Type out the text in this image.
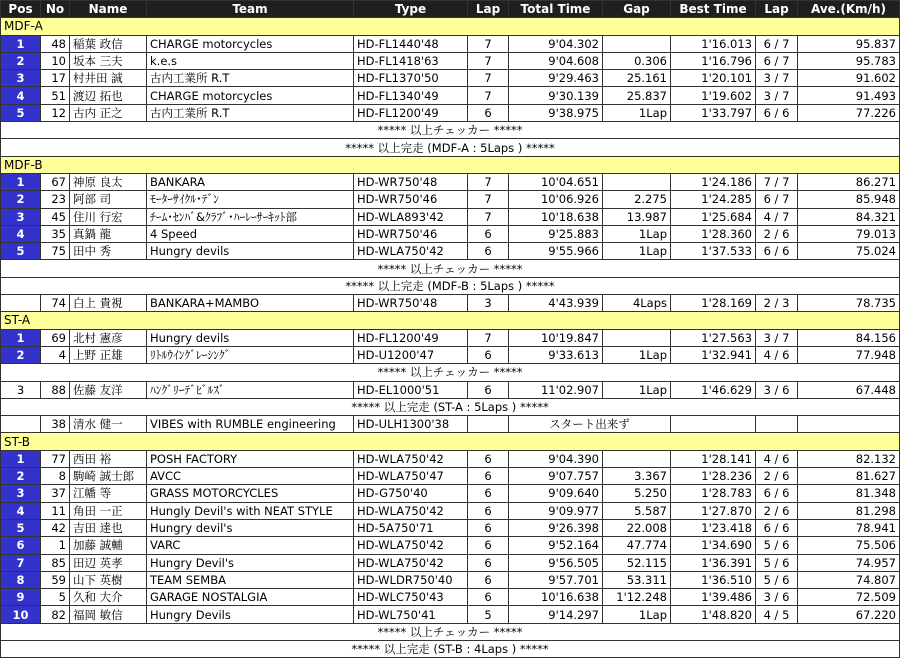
Pos	No	Name	Team	Type	Lap	Total Time	Gap	Best Time	Lap	Ave.(Km/h)
MDF-A										
1	48	稲葉 政信	CHARGE motorcycles	HD-FL1440'48	7	9'04.302		1'16.013	6 / 7	95.837
2	10	坂本 三夫	k.e.s	HD-FL1418'63	7	9'04.608	0.306	1'16.796	6 / 7	95.783
3	17	村井田 誠	古内工業所 R.T	HD-FL1370'50	7	9'29.463	25.161	1'20.101	3 / 7	91.602
4	51	渡辺 拓也	CHARGE motorcycles	HD-FL1340'49	7	9'30.139	25.837	1'19.602	3 / 7	91.493
5	12	古内 正之	古内工業所 R.T	HD-FL1200'49	6	9'38.975	1Lap	1'33.797	6 / 6	77.226
***** 以上チェッカー *****										
***** 以上完走 (MDF-A : 5Laps ) *****										
MDF-B										
1	67	神原 良太	BANKARA	HD-WR750'48	7	10'04.651		1'24.186	7 / 7	86.271
2	23	阿部 司	ﾓｰﾀｰｻｲｸﾙ･ﾃﾞﾝ	HD-WR750'46	7	10'06.926	2.275	1'24.285	6 / 7	85.948
3	45	住川 行宏	ﾁｰﾑ･ｾﾝﾊﾞ&ｸﾗﾌﾞ･ﾊｰﾚｰｻｰｷｯﾄ部	HD-WLA893'42	7	10'18.638	13.987	1'25.684	4 / 7	84.321
4	35	真鍋 龍	4 Speed	HD-WR750'46	6	9'25.883	1Lap	1'28.360	2 / 6	79.013
5	75	田中 秀	Hungry devils	HD-WLA750'42	6	9'55.966	1Lap	1'37.533	6 / 6	75.024
***** 以上チェッカー *****										
***** 以上完走 (MDF-B : 5Laps ) *****										
	74	白上 貴視	BANKARA+MAMBO	HD-WR750'48	3	4'43.939	4Laps	1'28.169	2 / 3	78.735
ST-A										
1	69	北村 憲彦	Hungry devils	HD-FL1200'49	7	10'19.847		1'27.563	3 / 7	84.156
2	4	上野 正雄	ﾘﾄﾙｳｲﾝｸﾞﾚｰｼﾝｸﾞ	HD-U1200'47	6	9'33.613	1Lap	1'32.941	4 / 6	77.948
***** 以上チェッカー *****										
3	88	佐藤 友洋	ﾊﾝｸﾞﾘｰﾃﾞﾋﾞﾙｽﾞ	HD-EL1000'51	6	11'02.907	1Lap	1'46.629	3 / 6	67.448
***** 以上完走 (ST-A : 5Laps ) *****										
	38	清水 健一	VIBES with RUMBLE engineering	HD-ULH1300'38		スタート出来ず				
ST-B										
1	77	西田 裕	POSH FACTORY	HD-WLA750'42	6	9'04.390		1'28.141	4 / 6	82.132
2	8	駒崎 誠士郎	AVCC	HD-WLA750'47	6	9'07.757	3.367	1'28.236	2 / 6	81.627
3	37	江幡 等	GRASS MOTORCYCLES	HD-G750'40	6	9'09.640	5.250	1'28.783	6 / 6	81.348
4	11	角田 一正	Hungly Devil's with NEAT STYLE	HD-WLA750'42	6	9'09.977	5.587	1'27.870	2 / 6	81.298
5	42	吉田 達也	Hungry devil's	HD-5A750'71	6	9'26.398	22.008	1'23.418	6 / 6	78.941
6	1	加藤 誠輔	VARC	HD-WLA750'42	6	9'52.164	47.774	1'34.690	5 / 6	75.506
7	85	田辺 英孝	Hungry Devil's	HD-WLA750'42	6	9'56.505	52.115	1'36.391	5 / 6	74.957
8	59	山下 英樹	TEAM SEMBA	HD-WLDR750'40	6	9'57.701	53.311	1'36.510	5 / 6	74.807
9	5	久和 大介	GARAGE NOSTALGIA	HD-WLC750'43	6	10'16.638	1'12.248	1'39.486	3 / 6	72.509
10	82	福岡 敏信	Hungry Devils	HD-WL750'41	5	9'14.297	1Lap	1'48.820	4 / 5	67.220
***** 以上チェッカー *****										
***** 以上完走 (ST-B : 4Laps ) *****										
